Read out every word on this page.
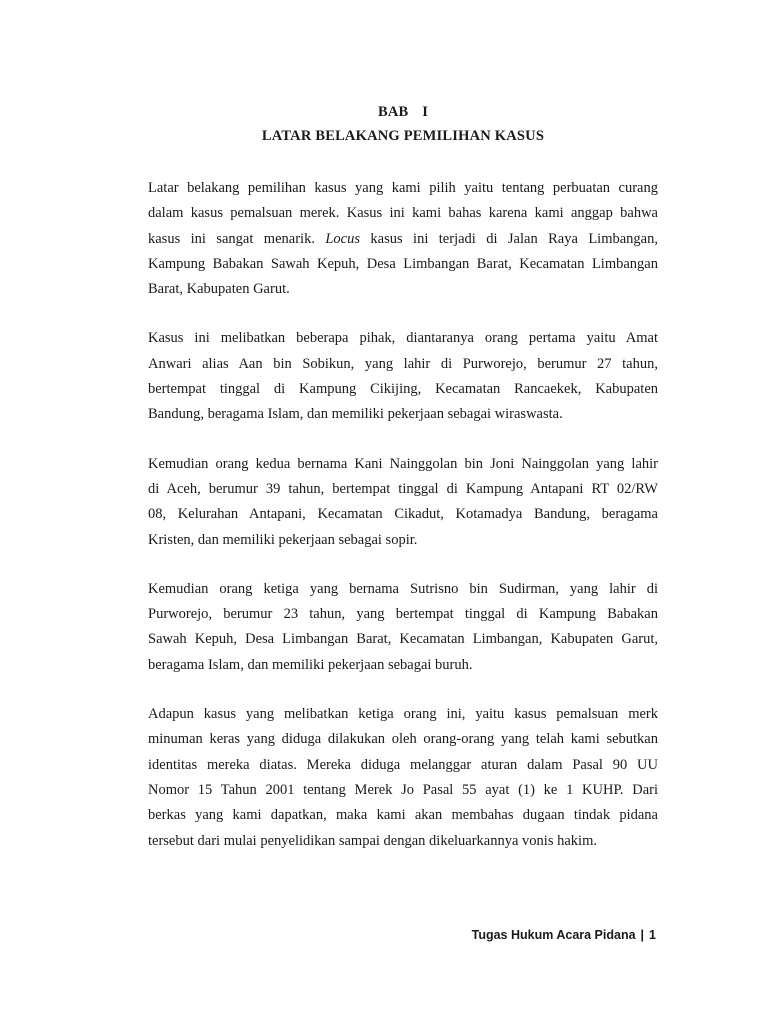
BAB I
LATAR BELAKANG PEMILIHAN KASUS

Latar belakang pemilihan kasus yang kami pilih yaitu tentang perbuatan curang
dalam kasus pemalsuan merek. Kasus ini kami bahas karena kami anggap bahwa
kasus ini sangat menarik. Locus kasus ini terjadi di Jalan Raya Limbangan,
Kampung Babakan Sawah Kepuh, Desa Limbangan Barat, Kecamatan Limbangan
Barat, Kabupaten Garut.

Kasus ini melibatkan beberapa pihak, diantaranya orang pertama yaitu Amat
Anwari alias Aan bin Sobikun, yang lahir di Purworejo, berumur 27 tahun,
bertempat tinggal di Kampung Cikijing, Kecamatan Rancaekek, Kabupaten
Bandung, beragama Islam, dan memiliki pekerjaan sebagai wiraswasta.

Kemudian orang kedua bernama Kani Nainggolan bin Joni Nainggolan yang lahir
di Aceh, berumur 39 tahun, bertempat tinggal di Kampung Antapani RT 02/RW
08, Kelurahan Antapani, Kecamatan Cikadut, Kotamadya Bandung, beragama
Kristen, dan memiliki pekerjaan sebagai sopir.

Kemudian orang ketiga yang bernama Sutrisno bin Sudirman, yang lahir di
Purworejo, berumur 23 tahun, yang bertempat tinggal di Kampung Babakan
Sawah Kepuh, Desa Limbangan Barat, Kecamatan Limbangan, Kabupaten Garut,
beragama Islam, dan memiliki pekerjaan sebagai buruh.

Adapun kasus yang melibatkan ketiga orang ini, yaitu kasus pemalsuan merk
minuman keras yang diduga dilakukan oleh orang-orang yang telah kami sebutkan
identitas mereka diatas. Mereka diduga melanggar aturan dalam Pasal 90 UU
Nomor 15 Tahun 2001 tentang Merek Jo Pasal 55 ayat (1) ke 1 KUHP. Dari
berkas yang kami dapatkan, maka kami akan membahas dugaan tindak pidana
tersebut dari mulai penyelidikan sampai dengan dikeluarkannya vonis hakim.

Tugas Hukum Acara Pidana | 1
